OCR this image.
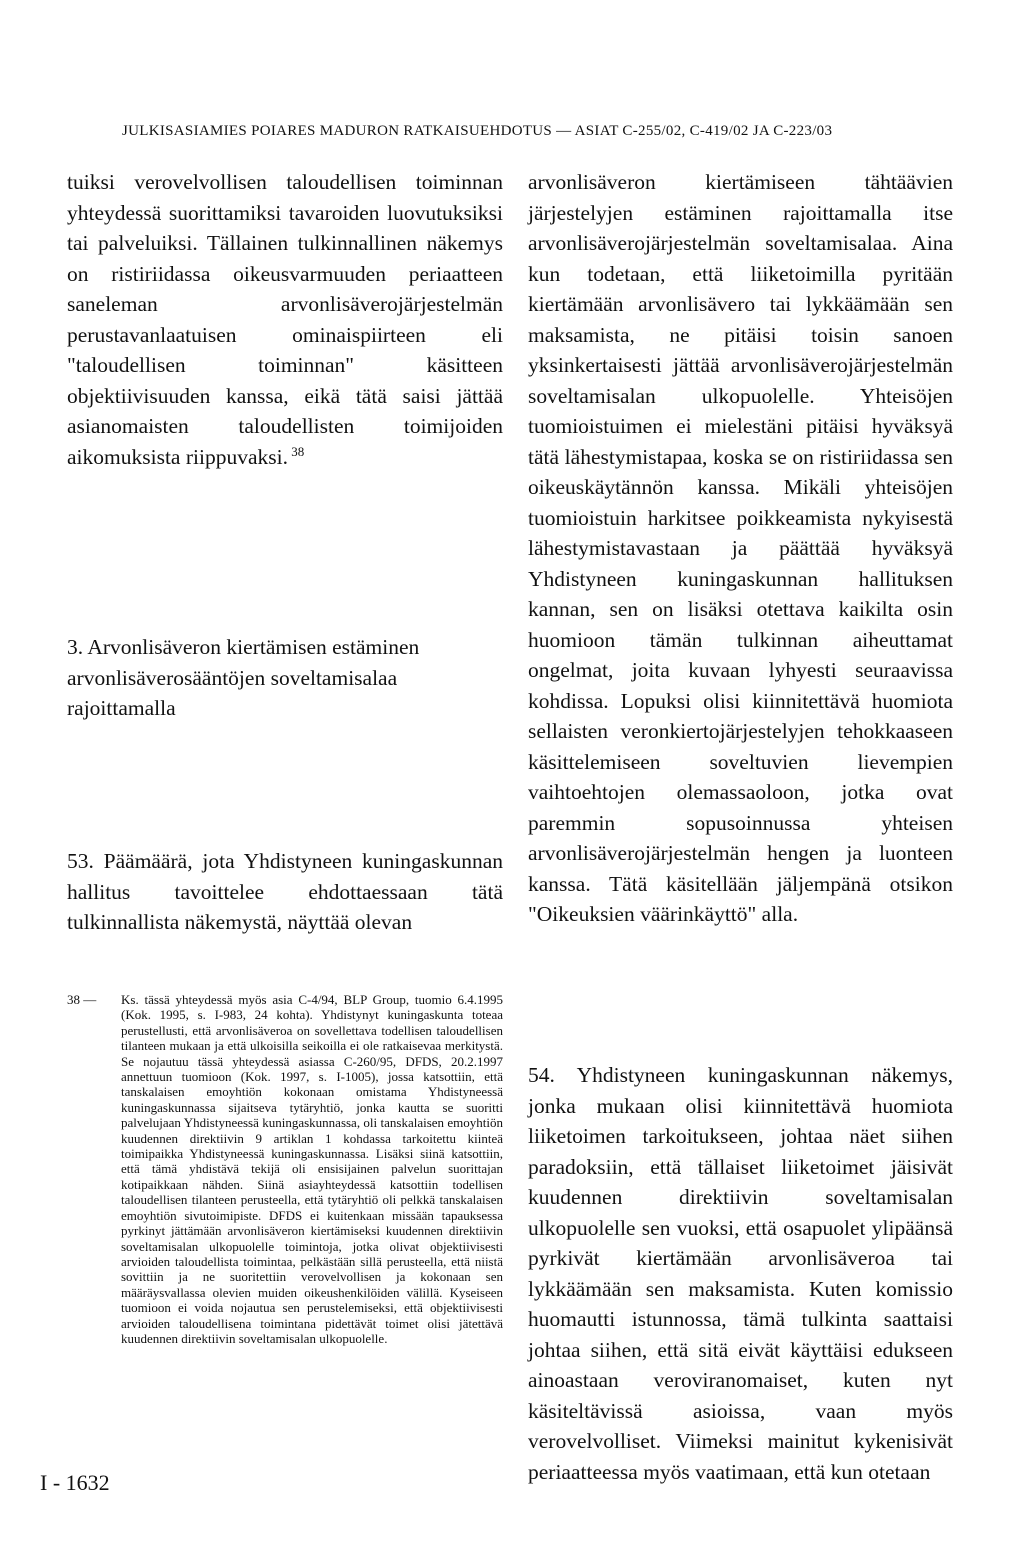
JULKISASIAMIES POIARES MADURON RATKAISUEHDOTUS — ASIAT C-255/02, C-419/02 JA C-223/03

tuiksi verovelvollisen taloudellisen toiminnan yhteydessä suorittamiksi tavaroiden luovutuksiksi tai palveluiksi. Tällainen tulkinnallinen näkemys on ristiriidassa oikeusvarmuuden periaatteen saneleman arvonlisäverojärjestelmän perustavanlaatuisen ominaispiirteen eli "taloudellisen toiminnan" käsitteen objektiivisuuden kanssa, eikä tätä saisi jättää asianomaisten taloudellisten toimijoiden aikomuksista riippuvaksi. $^{38}$

3. Arvonlisäveron kiertämisen estäminen arvonlisäverosääntöjen soveltamisalaa rajoittamalla
53. Päämäärä, jota Yhdistyneen kuningaskunnan hallitus tavoittelee ehdottaessaan tätä tulkinnallista näkemystä, näyttää olevan
38 —	Ks. tässä yhteydessä myös asia C-4/94, BLP Group, tuomio 6.4.1995 (Kok. 1995, s. I-983, 24 kohta). Yhdistynyt kuningaskunta toteaa perustellusti, että arvonlisäveroa on sovellettava todellisen taloudellisen tilanteen mukaan ja että ulkoisilla seikoilla ei ole ratkaisevaa merkitystä. Se nojautuu tässä yhteydessä asiassa C-260/95, DFDS, 20.2.1997 annettuun tuomioon (Kok. 1997, s. I-1005), jossa katsottiin, että tanskalaisen emoyhtiön kokonaan omistama Yhdistyneessä kuningaskunnassa sijaitseva tytäryhtiö, jonka kautta se suoritti palvelujaan Yhdistyneessä kuningaskunnassa, oli tanskalaisen emoyhtiön kuudennen direktiivin 9 artiklan 1 kohdassa tarkoitettu kiinteä toimipaikka Yhdistyneessä kuningaskunnassa. Lisäksi siinä katsottiin, että tämä yhdistävä tekijä oli ensisijainen palvelun suorittajan kotipaikkaan nähden. Siinä asiayhteydessä katsottiin todellisen taloudellisen tilanteen perusteella, että tytäryhtiö oli pelkkä tanskalaisen emoyhtiön sivutoimipiste. DFDS ei kuitenkaan missään tapauksessa pyrkinyt jättämään arvonlisäveron kiertämiseksi kuudennen direktiivin soveltamisalan ulkopuolelle toimintoja, jotka olivat objektiivisesti arvioiden taloudellista toimintaa, pelkästään sillä perusteella, että niistä sovittiin ja ne suoritettiin verovelvollisen ja kokonaan sen määräysvallassa olevien muiden oikeushenkilöiden välillä. Kyseiseen tuomioon ei voida nojautua sen perustelemiseksi, että objektiivisesti arvioiden taloudellisena toimintana pidettävät toimet olisi jätettävä kuudennen direktiivin soveltamisalan ulkopuolelle.
arvonlisäveron kiertämiseen tähtäävien järjestelyjen estäminen rajoittamalla itse arvonlisäverojärjestelmän soveltamisalaa. Aina kun todetaan, että liiketoimilla pyritään kiertämään arvonlisävero tai lykkäämään sen maksamista, ne pitäisi toisin sanoen yksinkertaisesti jättää arvonlisäverojärjestelmän soveltamisalan ulkopuolelle. Yhteisöjen tuomioistuimen ei mielestäni pitäisi hyväksyä tätä lähestymistapaa, koska se on ristiriidassa sen oikeuskäytännön kanssa. Mikäli yhteisöjen tuomioistuin harkitsee poikkeamista nykyisestä lähestymistavastaan ja päättää hyväksyä Yhdistyneen kuningaskunnan hallituksen kannan, sen on lisäksi otettava kaikilta osin huomioon tämän tulkinnan aiheuttamat ongelmat, joita kuvaan lyhyesti seuraavissa kohdissa. Lopuksi olisi kiinnitettävä huomiota sellaisten veronkiertojärjestelyjen tehokkaaseen käsittelemiseen soveltuvien lievempien vaihtoehtojen olemassaoloon, jotka ovat paremmin sopusoinnussa yhteisen arvonlisäverojärjestelmän hengen ja luonteen kanssa. Tätä käsitellään jäljempänä otsikon "Oikeuksien väärinkäyttö" alla.
54. Yhdistyneen kuningaskunnan näkemys, jonka mukaan olisi kiinnitettävä huomiota liiketoimen tarkoitukseen, johtaa näet siihen paradoksiin, että tällaiset liiketoimet jäisivät kuudennen direktiivin soveltamisalan ulkopuolelle sen vuoksi, että osapuolet ylipäänsä pyrkivät kiertämään arvonlisäveroa tai lykkäämään sen maksamista. Kuten komissio huomautti istunnossa, tämä tulkinta saattaisi johtaa siihen, että sitä eivät käyttäisi edukseen ainoastaan veroviranomaiset, kuten nyt käsiteltävissä asioissa, vaan myös verovelvolliset. Viimeksi mainitut kykenisivät periaatteessa myös vaatimaan, että kun otetaan
I - 1632
